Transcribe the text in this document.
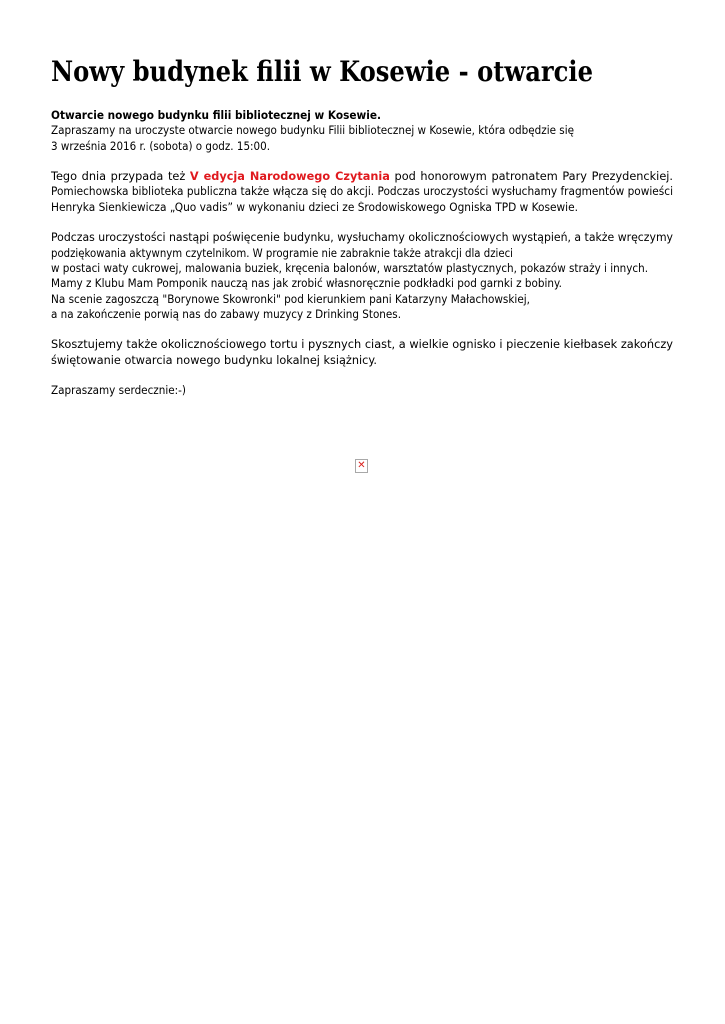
Nowy budynek filii w Kosewie - otwarcie
Otwarcie nowego budynku filii bibliotecznej w Kosewie.
Zapraszamy na uroczyste otwarcie nowego budynku Filii bibliotecznej w Kosewie, która odbędzie się
3 września 2016 r. (sobota) o godz. 15:00.
Tego dnia przypada też V edycja Narodowego Czytania pod honorowym patronatem Pary Prezydenckiej.
Pomiechowska biblioteka publiczna także włącza się do akcji. Podczas uroczystości wysłuchamy fragmentów powieści
Henryka Sienkiewicza „Quo vadis” w wykonaniu dzieci ze Środowiskowego Ogniska TPD w Kosewie.
Podczas uroczystości nastąpi poświęcenie budynku, wysłuchamy okolicznościowych wystąpień, a także wręczymy
podziękowania aktywnym czytelnikom. W programie nie zabraknie także atrakcji dla dzieci
w postaci waty cukrowej, malowania buziek, kręcenia balonów, warsztatów plastycznych, pokazów straży i innych.
Mamy z Klubu Mam Pomponik nauczą nas jak zrobić własnoręcznie podkładki pod garnki z bobiny.
Na scenie zagoszczą "Borynowe Skowronki" pod kierunkiem pani Katarzyny Małachowskiej,
a na zakończenie porwią nas do zabawy muzycy z Drinking Stones.
Skosztujemy także okolicznościowego tortu i pysznych ciast, a wielkie ognisko i pieczenie kiełbasek zakończy
świętowanie otwarcia nowego budynku lokalnej książnicy.
Zapraszamy serdecznie:-)
✕
